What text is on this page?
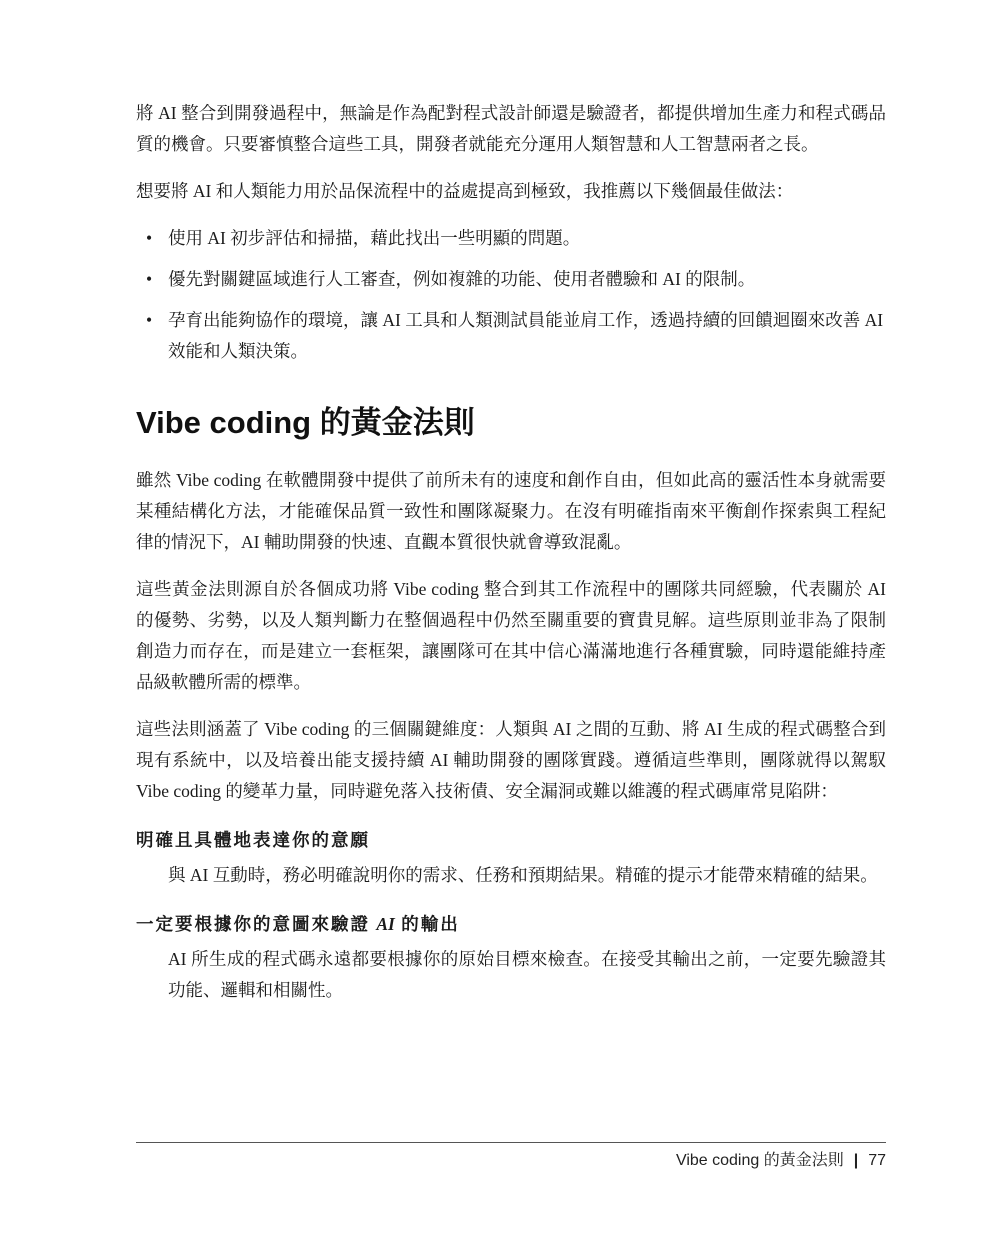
將 AI 整合到開發過程中，無論是作為配對程式設計師還是驗證者，都提供增加生產力和程式碼品質的機會。只要審慎整合這些工具，開發者就能充分運用人類智慧和人工智慧兩者之長。

想要將 AI 和人類能力用於品保流程中的益處提高到極致，我推薦以下幾個最佳做法：

• 使用 AI 初步評估和掃描，藉此找出一些明顯的問題。
• 優先對關鍵區域進行人工審查，例如複雜的功能、使用者體驗和 AI 的限制。
• 孕育出能夠協作的環境，讓 AI 工具和人類測試員能並肩工作，透過持續的回饋迴圈來改善 AI 效能和人類決策。
Vibe coding 的黃金法則

雖然 Vibe coding 在軟體開發中提供了前所未有的速度和創作自由，但如此高的靈活性本身就需要某種結構化方法，才能確保品質一致性和團隊凝聚力。在沒有明確指南來平衡創作探索與工程紀律的情況下，AI 輔助開發的快速、直觀本質很快就會導致混亂。

這些黃金法則源自於各個成功將 Vibe coding 整合到其工作流程中的團隊共同經驗，代表關於 AI 的優勢、劣勢，以及人類判斷力在整個過程中仍然至關重要的寶貴見解。這些原則並非為了限制創造力而存在，而是建立一套框架，讓團隊可在其中信心滿滿地進行各種實驗，同時還能維持產品級軟體所需的標準。

這些法則涵蓋了 Vibe coding 的三個關鍵維度：人類與 AI 之間的互動、將 AI 生成的程式碼整合到現有系統中，以及培養出能支援持續 AI 輔助開發的團隊實踐。遵循這些準則，團隊就得以駕馭 Vibe coding 的變革力量，同時避免落入技術債、安全漏洞或難以維護的程式碼庫常見陷阱：

明確且具體地表達你的意願
與 AI 互動時，務必明確說明你的需求、任務和預期結果。精確的提示才能帶來精確的結果。
一定要根據你的意圖來驗證 AI 的輸出
AI 所生成的程式碼永遠都要根據你的原始目標來檢查。在接受其輸出之前，一定要先驗證其功能、邏輯和相關性。
Vibe coding 的黃金法則 | 77
